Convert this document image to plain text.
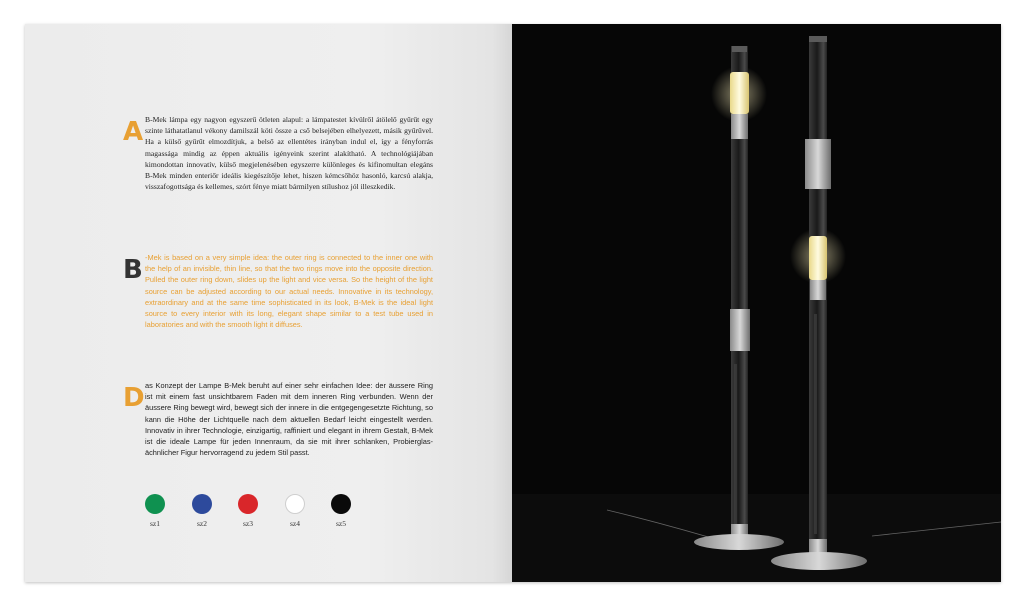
A B-Mek lámpa egy nagyon egyszerű ötleten alapul: a lámpatestet kívülről átölelő gyűrűt egy szinte láthatatlanul vékony damilszál köti össze a cső belsejében elhelyezett, másik gyűrűvel. Ha a külső gyűrűt elmozdítjuk, a belső az ellentétes irányban indul el, így a fényforrás magassága mindig az éppen aktuális igényeink szerint alakítható. A technológiájában kimondottan innovatív, külső megjelenésében egyszerre különleges és kifinomultan elegáns B-Mek minden enteriőr ideális kiegészítője lehet, hiszen kémcsőhöz hasonló, karcsú alakja, visszafogottsága és kellemes, szórt fénye miatt bármilyen stílushoz jól illeszkedik.

B -Mek is based on a very simple idea: the outer ring is connected to the inner one with the help of an invisible, thin line, so that the two rings move into the opposite direction. Pulled the outer ring down, slides up the light and vice versa. So the height of the light source can be adjusted according to our actual needs. Innovative in its technology, extraordinary and at the same time sophisticated in its look, B-Mek is the ideal light source to every interior with its long, elegant shape similar to a test tube used in laboratories and with the smooth light it diffuses.

D as Konzept der Lampe B-Mek beruht auf einer sehr einfachen Idee: der äussere Ring ist mit einem fast unsichtbarem Faden mit dem inneren Ring verbunden. Wenn der äussere Ring bewegt wird, bewegt sich der innere in die entgegengesetzte Richtung, so kann die Höhe der Lichtquelle nach dem aktuellen Bedarf leicht eingestellt werden. Innovativ in ihrer Technologie, einzigartig, raffiniert und elegant in ihrem Gestalt, B-Mek ist die ideale Lampe für jeden Innenraum, da sie mit ihrer schlanken, Probierglas-ächnlicher Figur hervorragend zu jedem Stil passt.

sz1	sz2	sz3	sz4	sz5
